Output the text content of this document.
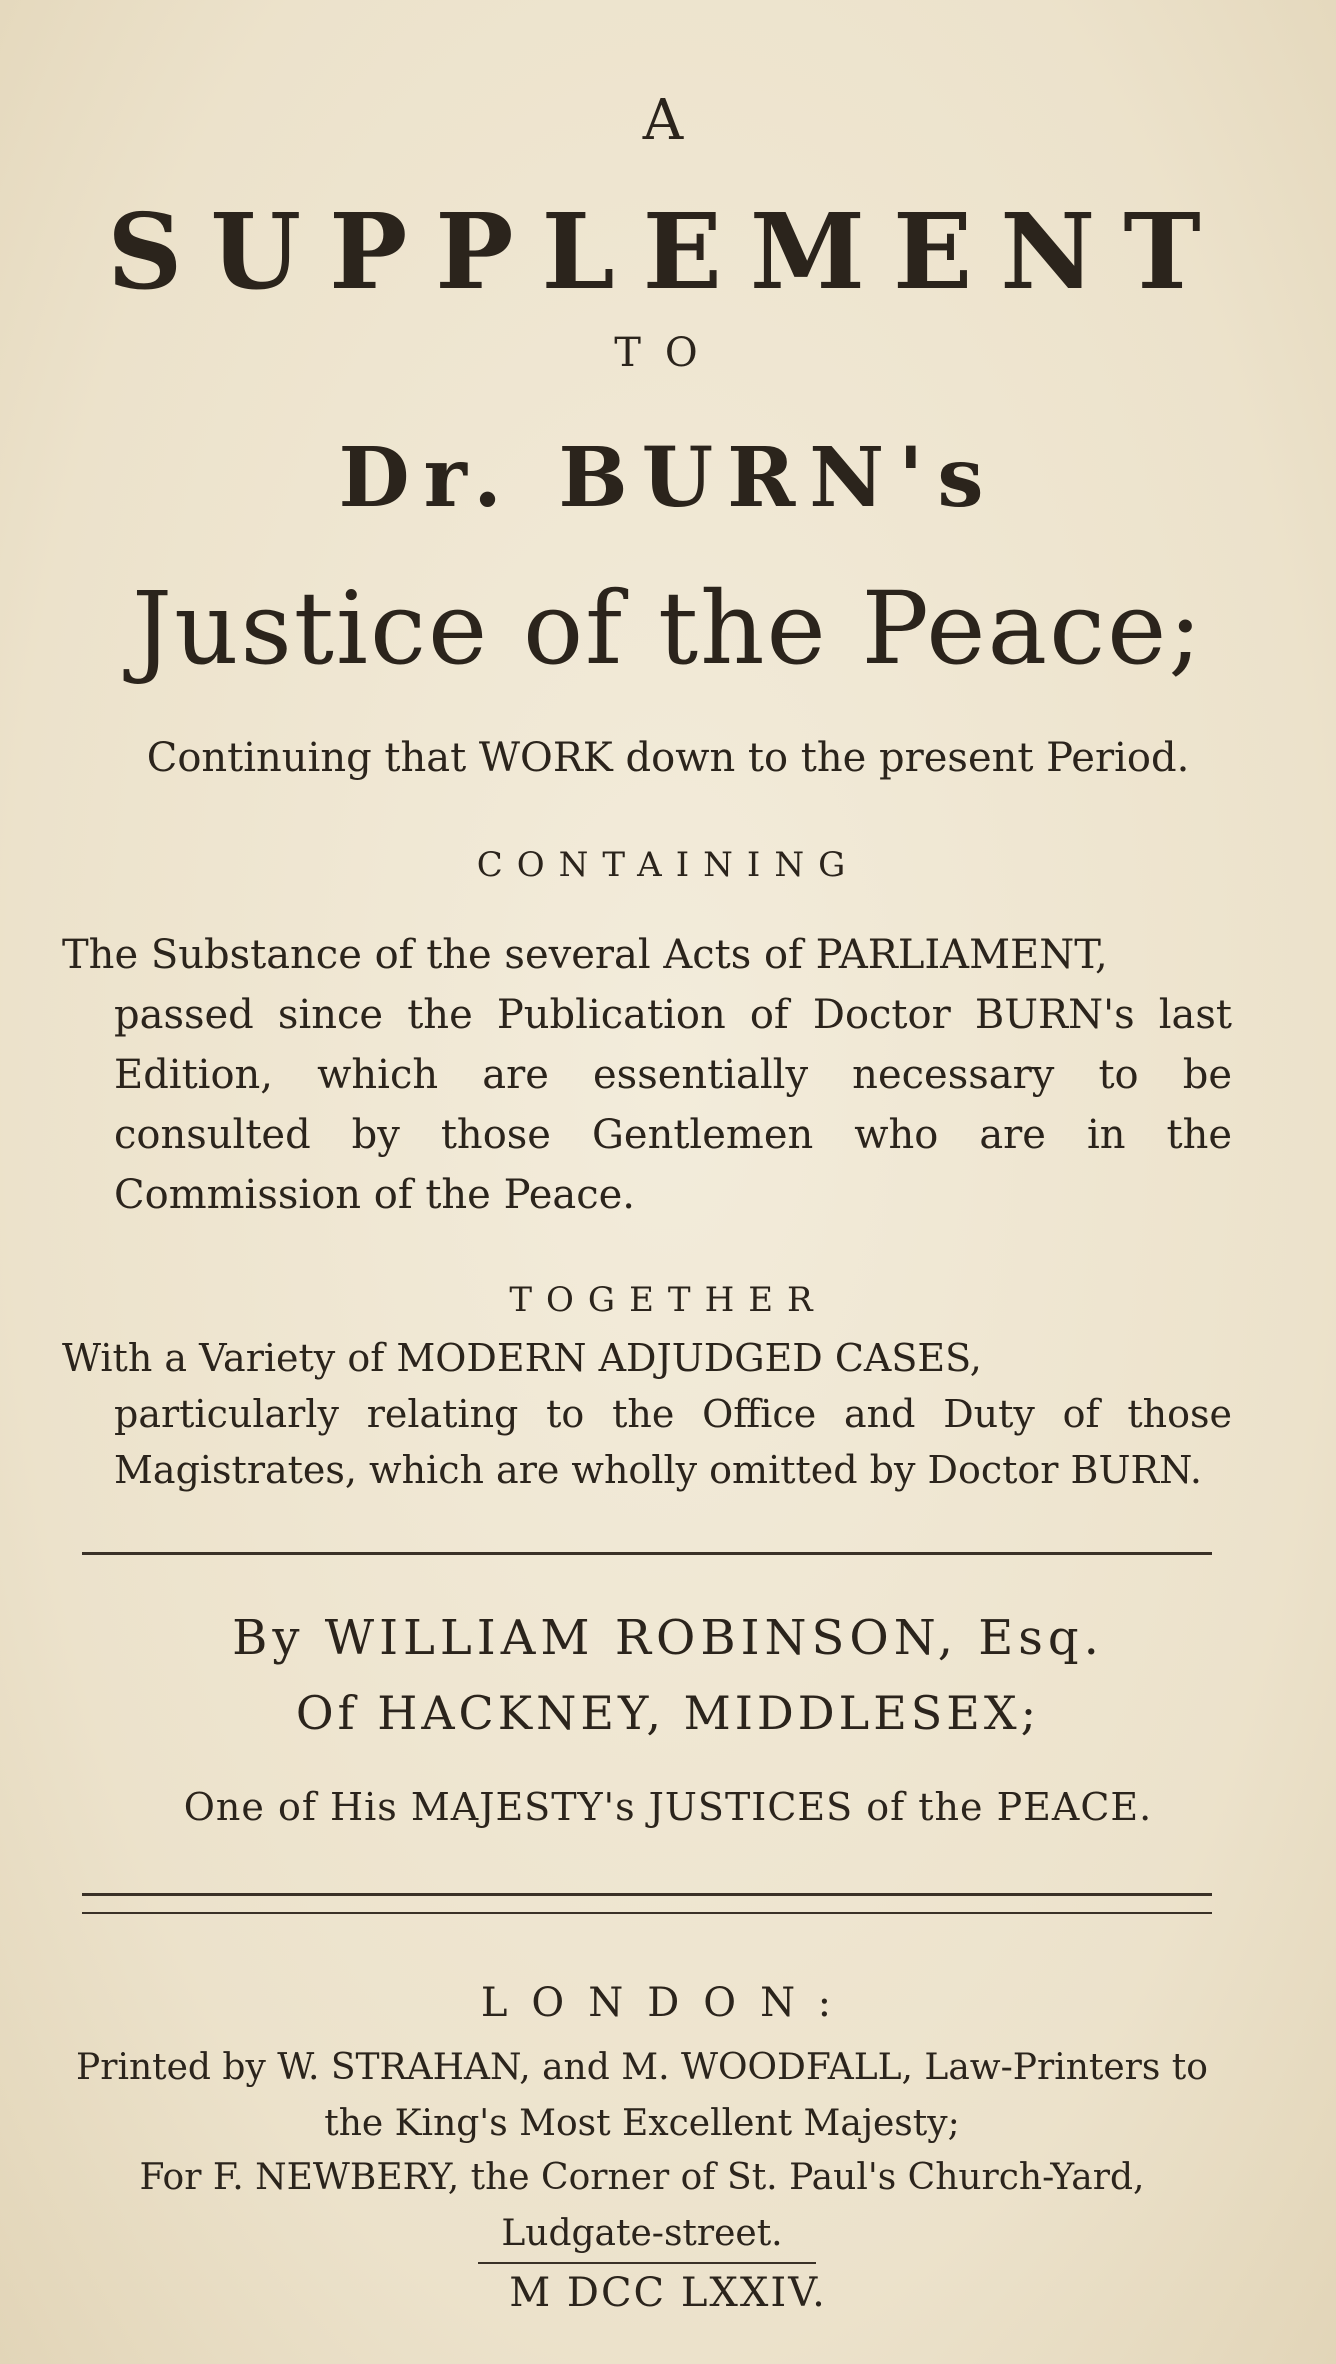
A
SUPPLEMENT
TO
Dr. BURN's
Justice of the Peace;
Continuing that WORK down to the present Period.
CONTAINING
The Substance of the several Acts of PARLIAMENT,
passed since the Publication of Doctor BURN's last Edition, which are essentially necessary to be consulted by those Gentlemen who are in the Commission of the Peace.
TOGETHER
With a Variety of MODERN ADJUDGED CASES,
particularly relating to the Office and Duty of those Magistrates, which are wholly omitted by Doctor BURN.
By WILLIAM ROBINSON, Esq.
Of HACKNEY, MIDDLESEX;
One of His MAJESTY's JUSTICES of the PEACE.
LONDON:
Printed by W. STRAHAN, and M. WOODFALL, Law-Printers to the King's Most Excellent Majesty;
For F. NEWBERY, the Corner of St. Paul's Church-Yard, Ludgate-street.
M DCC LXXIV.
